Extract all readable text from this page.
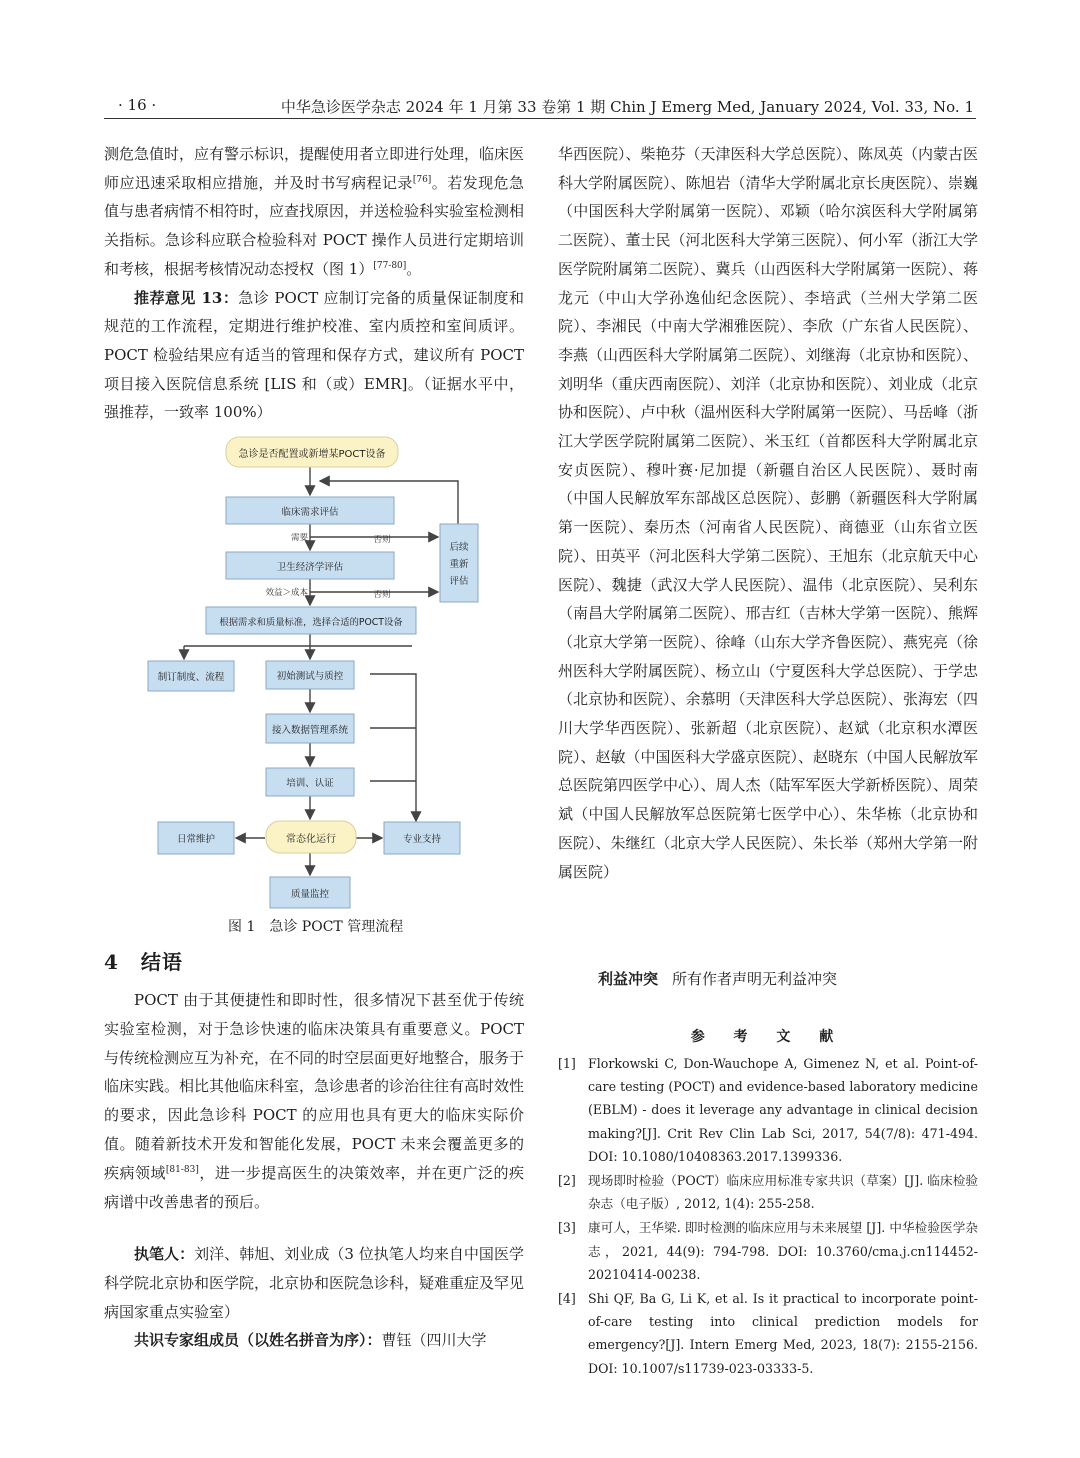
· 16 ·	中华急诊医学杂志 2024 年 1 月第 33 卷第 1 期 Chin J Emerg Med, January 2024, Vol. 33, No. 1

测危急值时，应有警示标识，提醒使用者立即进行处理，临床医师应迅速采取相应措施，并及时书写病程记录[76]。若发现危急值与患者病情不相符时，应查找原因，并送检验科实验室检测相关指标。急诊科应联合检验科对 POCT 操作人员进行定期培训和考核，根据考核情况动态授权（图 1）[77-80]。

推荐意见 13：急诊 POCT 应制订完备的质量保证制度和规范的工作流程，定期进行维护校准、室内质控和室间质评。POCT 检验结果应有适当的管理和保存方式，建议所有 POCT 项目接入医院信息系统 [LIS 和（或）EMR]。（证据水平中，强推荐，一致率 100%）

急诊是否配置或新增某POCT设备
临床需求评估
需要	否则
卫生经济学评估
效益＞成本	否则
后续重新评估
根据需求和质量标准，选择合适的POCT设备
制订制度、流程	初始测试与质控
接入数据管理系统
培训、认证
日常维护	常态化运行	专业支持
质量监控
图 1　急诊 POCT 管理流程
4 结语

POCT 由于其便捷性和即时性，很多情况下甚至优于传统实验室检测，对于急诊快速的临床决策具有重要意义。POCT 与传统检测应互为补充，在不同的时空层面更好地整合，服务于临床实践。相比其他临床科室，急诊患者的诊治往往有高时效性的要求，因此急诊科 POCT 的应用也具有更大的临床实际价值。随着新技术开发和智能化发展，POCT 未来会覆盖更多的疾病领域[81-83]，进一步提高医生的决策效率，并在更广泛的疾病谱中改善患者的预后。

执笔人：刘洋、韩旭、刘业成（3 位执笔人均来自中国医学科学院北京协和医学院，北京协和医院急诊科，疑难重症及罕见病国家重点实验室）

共识专家组成员（以姓名拼音为序）：曹钰（四川大学

华西医院）、柴艳芬（天津医科大学总医院）、陈凤英（内蒙古医科大学附属医院）、陈旭岩（清华大学附属北京长庚医院）、崇巍（中国医科大学附属第一医院）、邓颖（哈尔滨医科大学附属第二医院）、董士民（河北医科大学第三医院）、何小军（浙江大学医学院附属第二医院）、冀兵（山西医科大学附属第一医院）、蒋龙元（中山大学孙逸仙纪念医院）、李培武（兰州大学第二医院）、李湘民（中南大学湘雅医院）、李欣（广东省人民医院）、李燕（山西医科大学附属第二医院）、刘继海（北京协和医院）、刘明华（重庆西南医院）、刘洋（北京协和医院）、刘业成（北京协和医院）、卢中秋（温州医科大学附属第一医院）、马岳峰（浙江大学医学院附属第二医院）、米玉红（首都医科大学附属北京安贞医院）、穆叶赛·尼加提（新疆自治区人民医院）、聂时南（中国人民解放军东部战区总医院）、彭鹏（新疆医科大学附属第一医院）、秦历杰（河南省人民医院）、商德亚（山东省立医院）、田英平（河北医科大学第二医院）、王旭东（北京航天中心医院）、魏捷（武汉大学人民医院）、温伟（北京医院）、吴利东（南昌大学附属第二医院）、邢吉红（吉林大学第一医院）、熊辉（北京大学第一医院）、徐峰（山东大学齐鲁医院）、燕宪亮（徐州医科大学附属医院）、杨立山（宁夏医科大学总医院）、于学忠（北京协和医院）、余慕明（天津医科大学总医院）、张海宏（四川大学华西医院）、张新超（北京医院）、赵斌（北京积水潭医院）、赵敏（中国医科大学盛京医院）、赵晓东（中国人民解放军总医院第四医学中心）、周人杰（陆军军医大学新桥医院）、周荣斌（中国人民解放军总医院第七医学中心）、朱华栋（北京协和医院）、朱继红（北京大学人民医院）、朱长举（郑州大学第一附属医院）

利益冲突 所有作者声明无利益冲突
参 考 文 献
[1] Florkowski C, Don-Wauchope A, Gimenez N, et al. Point-of-care testing (POCT) and evidence-based laboratory medicine (EBLM) - does it leverage any advantage in clinical decision making?[J]. Crit Rev Clin Lab Sci, 2017, 54(7/8): 471-494. DOI: 10.1080/10408363.2017.1399336.
[2] 现场即时检验（POCT）临床应用标准专家共识（草案）[J]. 临床检验杂志（电子版）, 2012, 1(4): 255-258.
[3] 康可人，王华梁. 即时检测的临床应用与未来展望 [J]. 中华检验医学杂志，2021, 44(9): 794-798. DOI: 10.3760/cma.j.cn114452-20210414-00238.
[4] Shi QF, Ba G, Li K, et al. Is it practical to incorporate point-of-care testing into clinical prediction models for emergency?[J]. Intern Emerg Med, 2023, 18(7): 2155-2156. DOI: 10.1007/s11739-023-03333-5.
